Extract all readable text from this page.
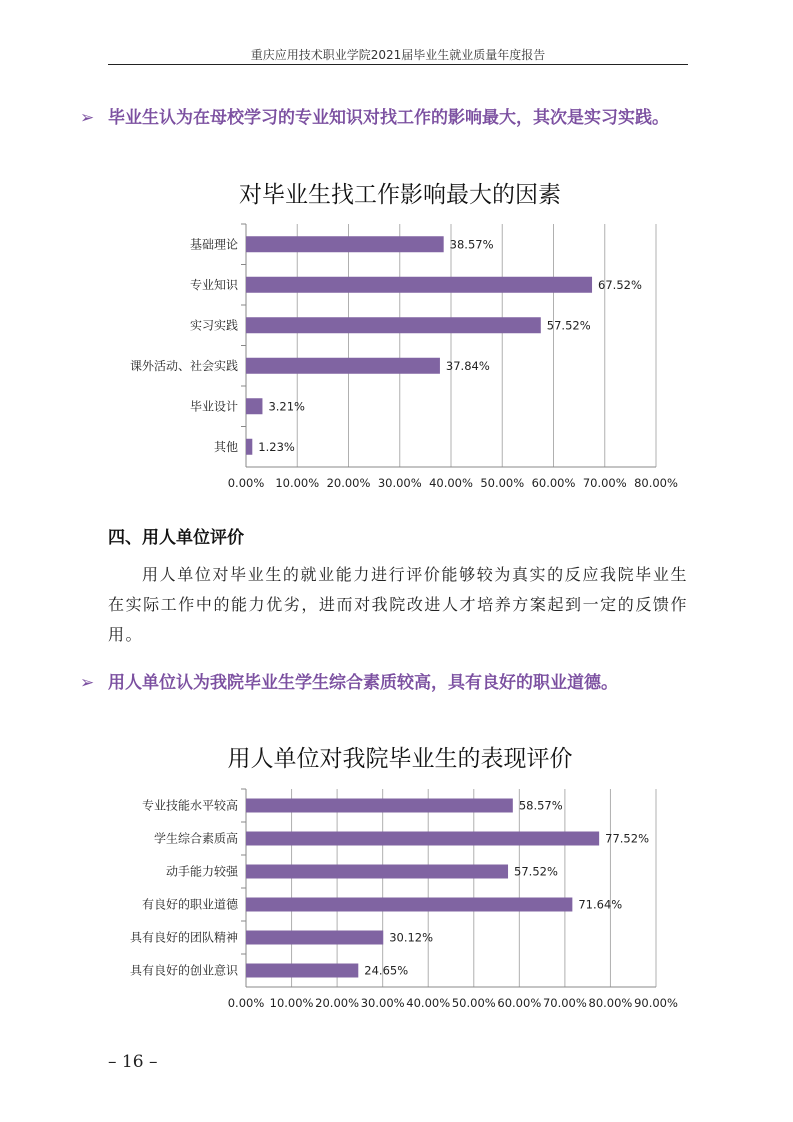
重庆应用技术职业学院2021届毕业生就业质量年度报告
➢ 毕业生认为在母校学习的专业知识对找工作的影响最大，其次是实习实践。
对毕业生找工作影响最大的因素
0.00% 10.00% 20.00% 30.00% 40.00% 50.00% 60.00% 70.00% 80.00%
基础理论	38.57%
专业知识	67.52%
实习实践	57.52%
课外活动、社会实践	37.84%
毕业设计	3.21%
其他 1.23%
四、用人单位评价
用人单位对毕业生的就业能力进行评价能够较为真实的反应我院毕业生在实际工作中的能力优劣，进而对我院改进人才培养方案起到一定的反馈作用。
➢ 用人单位认为我院毕业生学生综合素质较高，具有良好的职业道德。
用人单位对我院毕业生的表现评价
0.00% 10.00% 20.00% 30.00% 40.00% 50.00% 60.00% 70.00% 80.00% 90.00%
专业技能水平较高	58.57%
学生综合素质高	77.52%
动手能力较强	57.52%
有良好的职业道德	71.64%
具有良好的团队精神	30.12%
具有良好的创业意识	24.65%
– 16 –
